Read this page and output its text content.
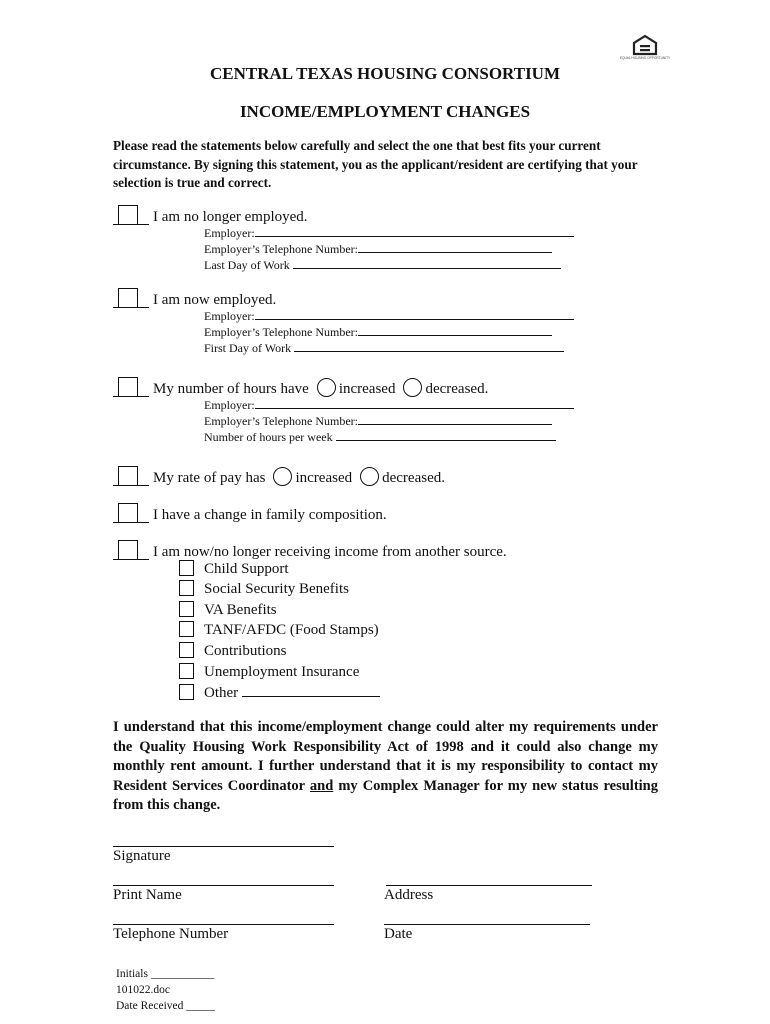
EQUAL HOUSING OPPORTUNITY
CENTRAL TEXAS HOUSING CONSORTIUM
INCOME/EMPLOYMENT CHANGES
Please read the statements below carefully and select the one that best fits your current circumstance. By signing this statement, you as the applicant/resident are certifying that your selection is true and correct.
I am no longer employed.
Employer:
Employer’s Telephone Number:
Last Day of Work
I am now employed.
Employer:
Employer’s Telephone Number:
First Day of Work
My number of hours have increased decreased.
Employer:
Employer’s Telephone Number:
Number of hours per week
My rate of pay has increased decreased.
I have a change in family composition.
I am now/no longer receiving income from another source.
Child Support
Social Security Benefits
VA Benefits
TANF/AFDC (Food Stamps)
Contributions
Unemployment Insurance
Other
I understand that this income/employment change could alter my requirements under the Quality Housing Work Responsibility Act of 1998 and it could also change my monthly rent amount. I further understand that it is my responsibility to contact my Resident Services Coordinator and my Complex Manager for my new status resulting from this change.
Signature
Print Name	Address
Telephone Number	Date
Initials ___________
101022.doc
Date Received _____
